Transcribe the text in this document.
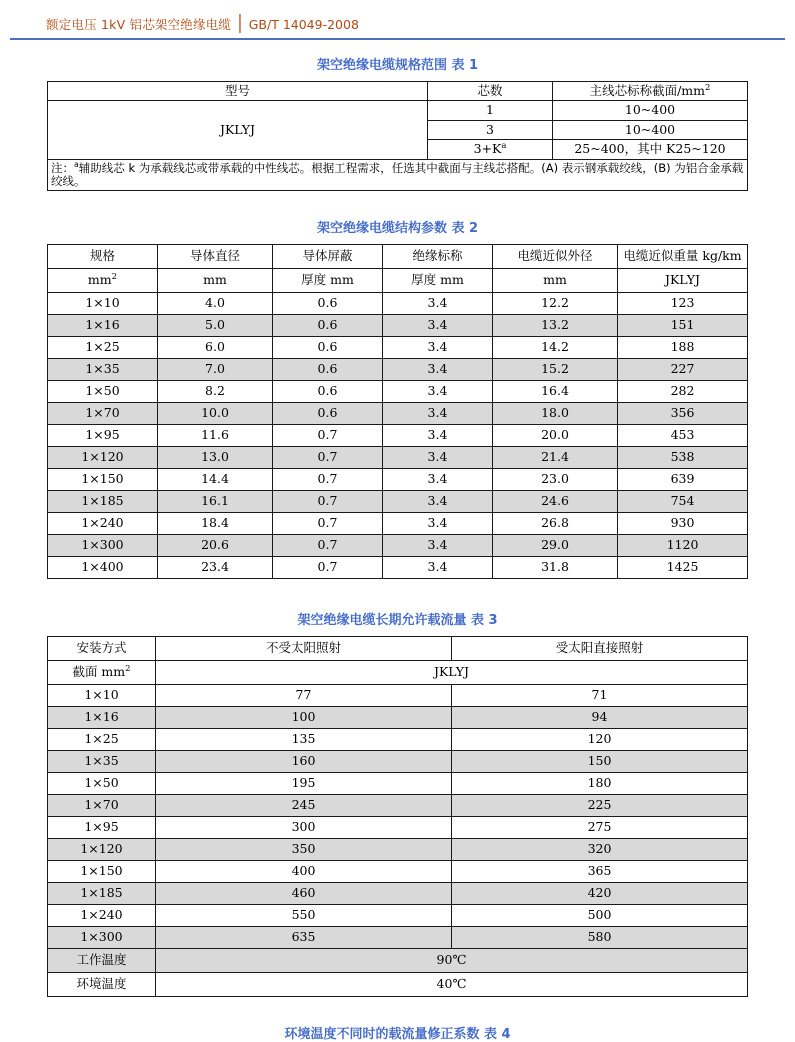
额定电压 1kV 铝芯架空绝缘电缆 │ GB/T 14049-2008
架空绝缘电缆规格范围 表 1
型号	芯数	主线芯标称截面$/mm^2$
JKLYJ	1	10~400
	3	10~400
	$3+K^a$	25~400，其中 K25~120
注：$^a$辅助线芯 k 为承载线芯或带承载的中性线芯。根据工程需求，任选其中截面与主线芯搭配。(A) 表示钢承载绞线，(B) 为铝合金承载绞线。		
架空绝缘电缆结构参数 表 2
规格	导体直径	导体屏蔽	绝缘标称	电缆近似外径	电缆近似重量 kg/km
$mm^2$	mm	厚度 mm	厚度 mm	mm	JKLYJ
1×10	4.0	0.6	3.4	12.2	123
1×16	5.0	0.6	3.4	13.2	151
1×25	6.0	0.6	3.4	14.2	188
1×35	7.0	0.6	3.4	15.2	227
1×50	8.2	0.6	3.4	16.4	282
1×70	10.0	0.6	3.4	18.0	356
1×95	11.6	0.7	3.4	20.0	453
1×120	13.0	0.7	3.4	21.4	538
1×150	14.4	0.7	3.4	23.0	639
1×185	16.1	0.7	3.4	24.6	754
1×240	18.4	0.7	3.4	26.8	930
1×300	20.6	0.7	3.4	29.0	1120
1×400	23.4	0.7	3.4	31.8	1425
架空绝缘电缆长期允许载流量 表 3
安装方式	不受太阳照射	受太阳直接照射
截面 $mm^2$	JKLYJ	
1×10	77	71
1×16	100	94
1×25	135	120
1×35	160	150
1×50	195	180
1×70	245	225
1×95	300	275
1×120	350	320
1×150	400	365
1×185	460	420
1×240	550	500
1×300	635	580
工作温度	90℃	
环境温度	40℃	
环境温度不同时的载流量修正系数 表 4
